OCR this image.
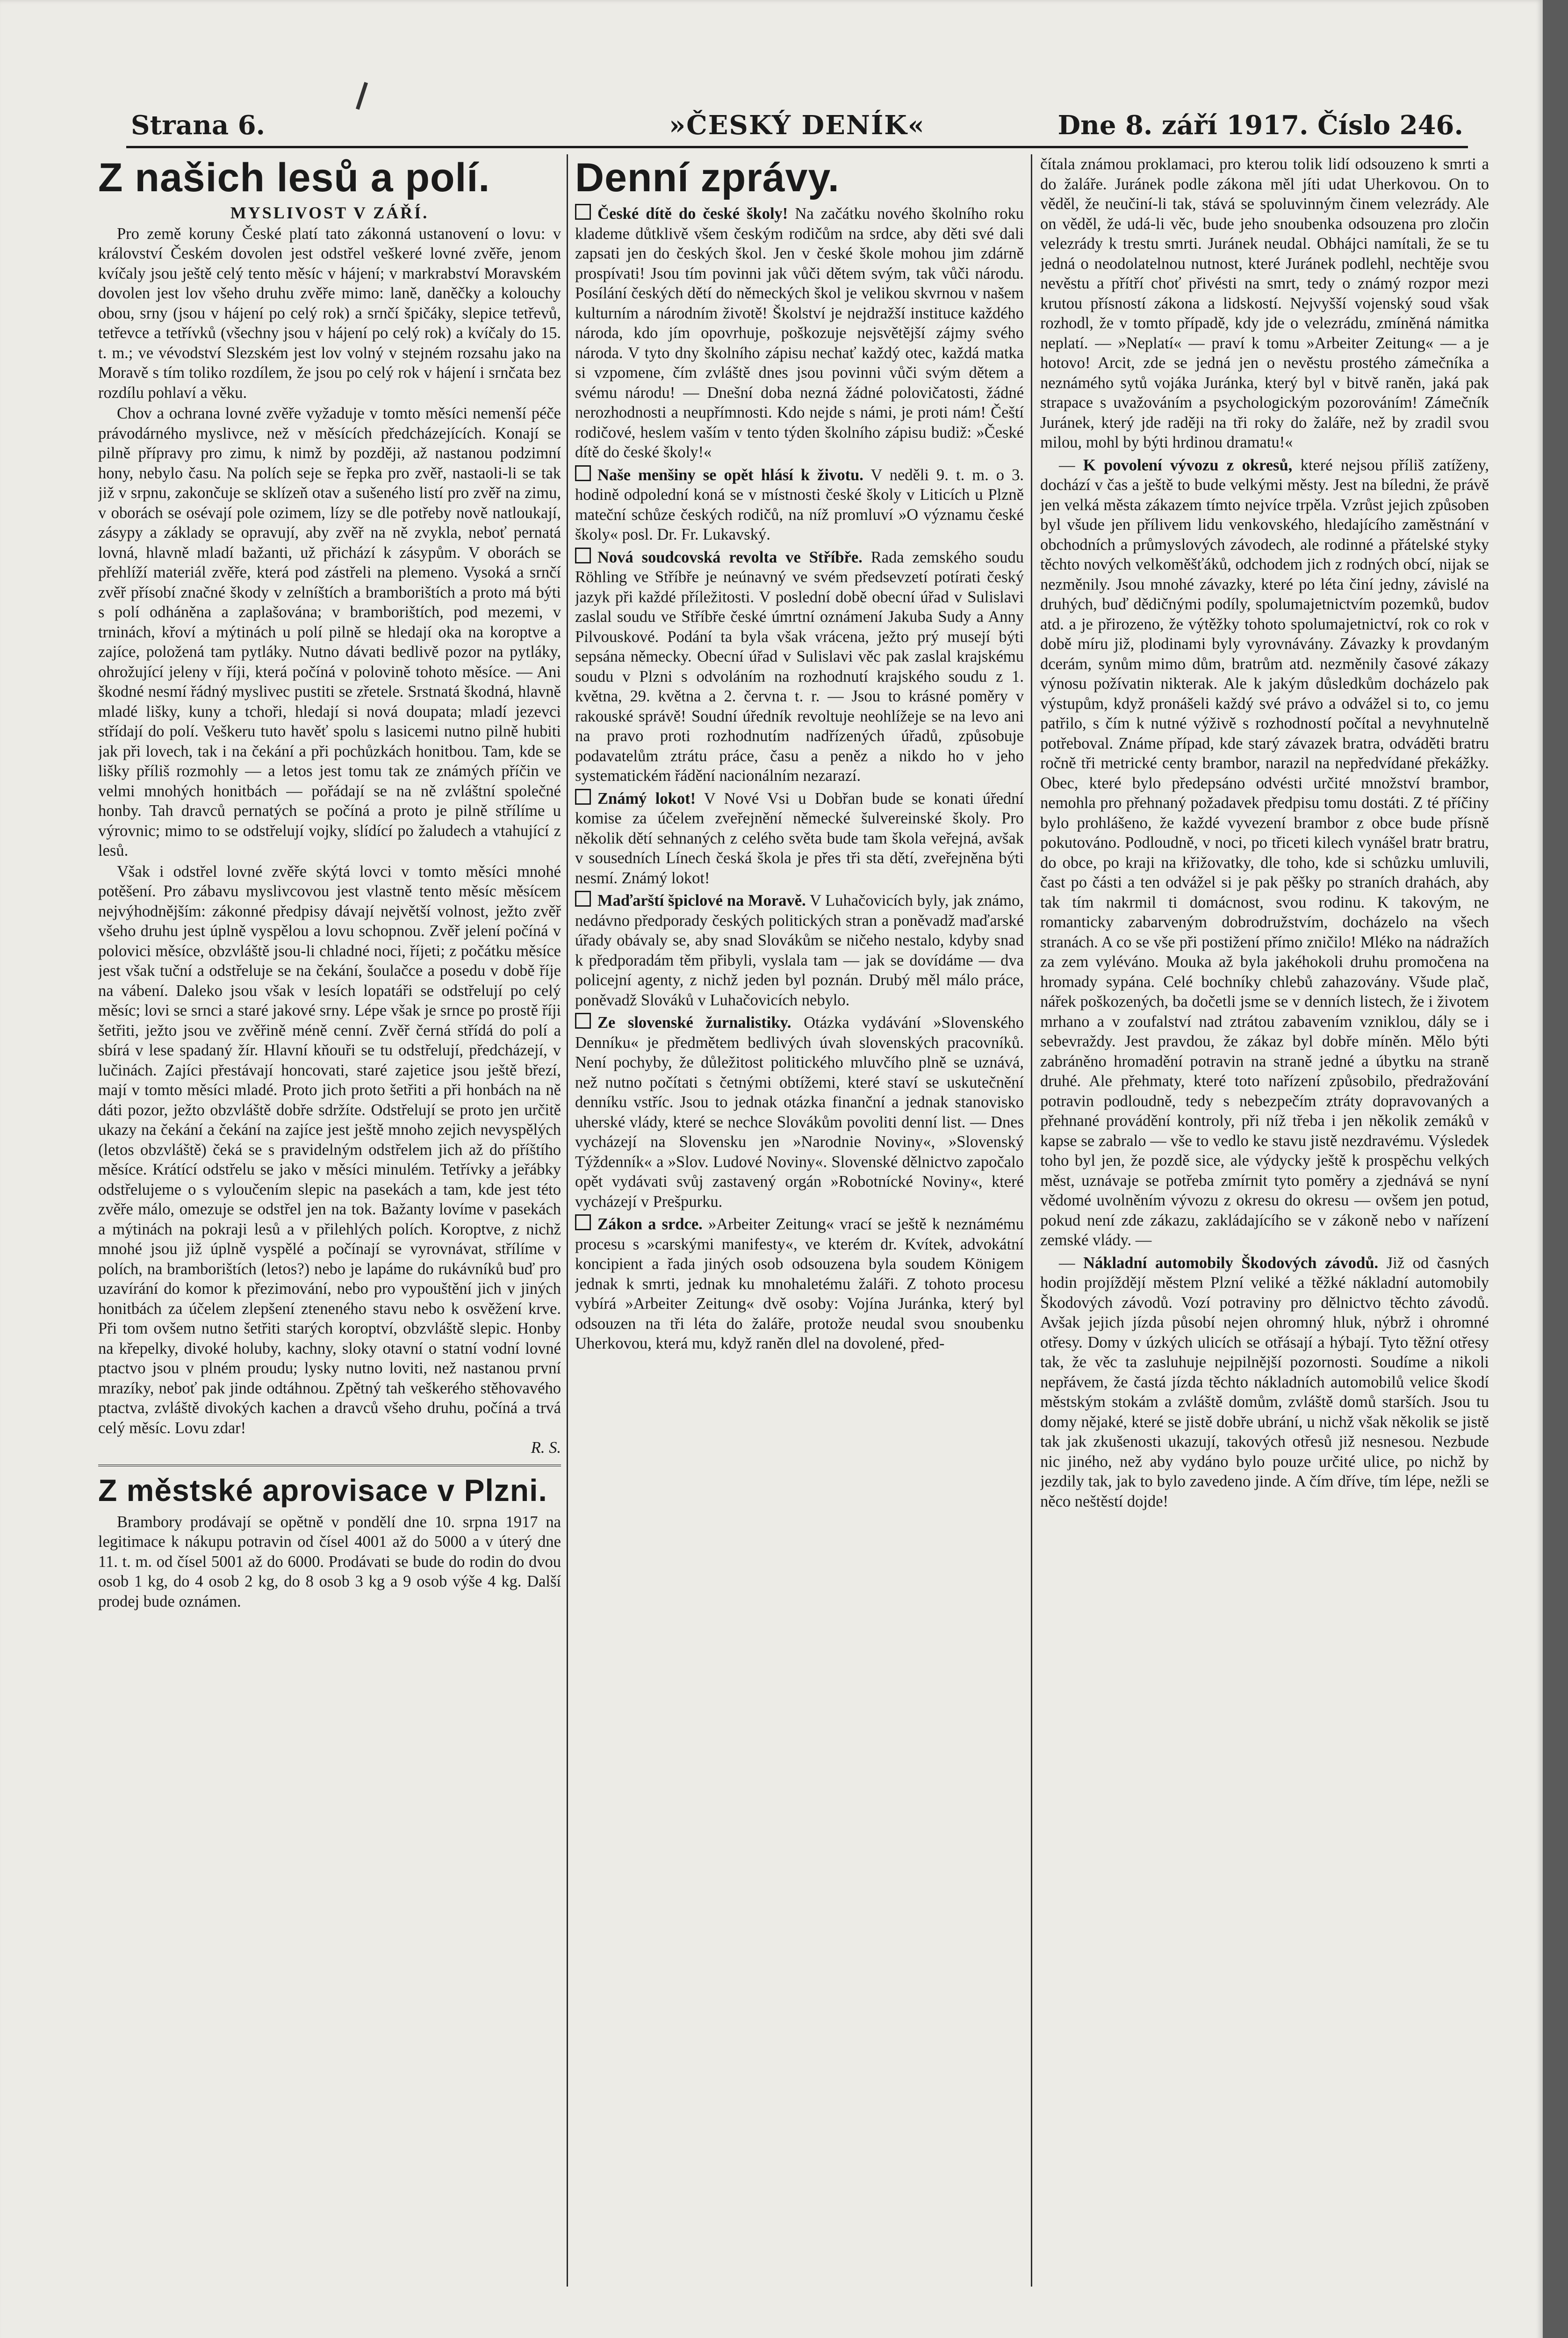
Strana 6.	»ČESKÝ DENÍK«	Dne 8. září 1917. Číslo 246.
Z našich lesů a polí.
MYSLIVOST V ZÁŘÍ.

Pro země koruny České platí tato zákonná ustanovení o lovu: v království Českém dovolen jest odstřel veškeré lovné zvěře, jenom kvíčaly jsou ještě celý tento měsíc v hájení; v markrabství Moravském dovolen jest lov všeho druhu zvěře mimo: laně, daněčky a kolouchy obou, srny (jsou v hájení po celý rok) a srnčí špičáky, slepice tetřevů, tetřevce a tetřívků (všechny jsou v hájení po celý rok) a kvíčaly do 15. t. m.; ve vévodství Slezském jest lov volný v stejném rozsahu jako na Moravě s tím toliko rozdílem, že jsou po celý rok v hájení i srnčata bez rozdílu pohlaví a věku.

Chov a ochrana lovné zvěře vyžaduje v tomto měsíci nemenší péče právodárného myslivce, než v měsících předcházejících. Konají se pilně přípravy pro zimu, k nimž by později, až nastanou podzimní hony, nebylo času. Na polích seje se řepka pro zvěř, nastaoli-li se tak již v srpnu, zakončuje se sklízeň otav a sušeného listí pro zvěř na zimu, v oborách se osévají pole ozimem, lízy se dle potřeby nově natloukají, zásypy a základy se opravují, aby zvěř na ně zvykla, neboť pernatá lovná, hlavně mladí bažanti, už přichází k zásypům. V oborách se přehlíží materiál zvěře, která pod zástřeli na plemeno. Vysoká a srnčí zvěř přísobí značné škody v zelníštích a bramborištích a proto má býti s polí odháněna a zaplašována; v bramborištích, pod mezemi, v trninách, křoví a mýtinách u polí pilně se hledají oka na koroptve a zajíce, položená tam pytláky. Nutno dávati bedlivě pozor na pytláky, ohrožující jeleny v říji, která počíná v polovině tohoto měsíce. — Ani škodné nesmí řádný myslivec pustiti se zřetele. Srstnatá škodná, hlavně mladé lišky, kuny a tchoři, hledají si nová doupata; mladí jezevci střídají do polí. Veškeru tuto havěť spolu s lasicemi nutno pilně hubiti jak při lovech, tak i na čekání a při pochůzkách honitbou. Tam, kde se lišky příliš rozmohly — a letos jest tomu tak ze známých příčin ve velmi mnohých honitbách — pořádají se na ně zvláštní společné honby. Tah dravců pernatých se počíná a proto je pilně střílíme u výrovnic; mimo to se odstřelují vojky, slídící po žaludech a vtahující z lesů.

Však i odstřel lovné zvěře skýtá lovci v tomto měsíci mnohé potěšení. Pro zábavu myslivcovou jest vlastně tento měsíc měsícem nejvýhodnějším: zákonné předpisy dávají největší volnost, ježto zvěř všeho druhu jest úplně vyspělou a lovu schopnou. Zvěř jelení počíná v polovici měsíce, obzvláště jsou-li chladné noci, říjeti; z počátku měsíce jest však tuční a odstřeluje se na čekání, šoulačce a posedu v době říje na vábení. Daleko jsou však v lesích lopatáři se odstřelují po celý měsíc; lovi se srnci a staré jakové srny. Lépe však je srnce po prostě říji šetřiti, ježto jsou ve zvěřině méně cenní. Zvěř černá střídá do polí a sbírá v lese spadaný žír. Hlavní kňouři se tu odstřelují, předcházejí, v lučinách. Zajíci přestávají honcovati, staré zajetice jsou ještě březí, mají v tomto měsíci mladé. Proto jich proto šetřiti a při honbách na ně dáti pozor, ježto obzvláště dobře sdržíte. Odstřelují se proto jen určitě ukazy na čekání a čekání na zajíce jest ještě mnoho zejich nevyspělých (letos obzvláště) čeká se s pravidelným odstřelem jich až do příštího měsíce. Krátící odstřelu se jako v měsíci minulém. Tetřívky a jeřábky odstřelujeme o s vyloučením slepic na pasekách a tam, kde jest této zvěře málo, omezuje se odstřel jen na tok. Bažanty lovíme v pasekách a mýtinách na pokraji lesů a v přilehlých polích. Koroptve, z nichž mnohé jsou již úplně vyspělé a počínají se vyrovnávat, střílíme v polích, na bramborištích (letos?) nebo je lapáme do rukávníků buď pro uzavírání do komor k přezimování, nebo pro vypouštění jich v jiných honitbách za účelem zlepšení zteneného stavu nebo k osvěžení krve. Při tom ovšem nutno šetřiti starých koroptví, obzvláště slepic. Honby na křepelky, divoké holuby, kachny, sloky otavní o statní vodní lovné ptactvo jsou v plném proudu; lysky nutno loviti, než nastanou první mrazíky, neboť pak jinde odtáhnou. Zpětný tah veškerého stěhovavého ptactva, zvláště divokých kachen a dravců všeho druhu, počíná a trvá celý měsíc. Lovu zdar!

R. S.
Z městské aprovisace v Plzni.

Brambory prodávají se opětně v pondělí dne 10. srpna 1917 na legitimace k nákupu potravin od čísel 4001 až do 5000 a v úterý dne 11. t. m. od čísel 5001 až do 6000. Prodávati se bude do rodin do dvou osob 1 kg, do 4 osob 2 kg, do 8 osob 3 kg a 9 osob výše 4 kg. Další prodej bude oznámen.

Denní zprávy.

České dítě do české školy! Na začátku nového školního roku klademe důtklivě všem českým rodičům na srdce, aby děti své dali zapsati jen do českých škol. Jen v české škole mohou jim zdárně prospívati! Jsou tím povinni jak vůči dětem svým, tak vůči národu. Posílání českých dětí do německých škol je velikou skvrnou v našem kulturním a národním životě! Školství je nejdražší instituce každého národa, kdo jím opovrhuje, poškozuje nejsvětější zájmy svého národa. V tyto dny školního zápisu nechať každý otec, každá matka si vzpomene, čím zvláště dnes jsou povinni vůči svým dětem a svému národu! — Dnešní doba nezná žádné polovičatosti, žádné nerozhodnosti a neupřímnosti. Kdo nejde s námi, je proti nám! Čeští rodičové, heslem vaším v tento týden školního zápisu budiž: »České dítě do české školy!«

Naše menšiny se opět hlásí k životu. V neděli 9. t. m. o 3. hodině odpolední koná se v místnosti české školy v Liticích u Plzně mateční schůze českých rodičů, na níž promluví »O významu české školy« posl. Dr. Fr. Lukavský.

Nová soudcovská revolta ve Stříbře. Rada zemského soudu Röhling ve Stříbře je neúnavný ve svém předsevzetí potírati český jazyk při každé příležitosti. V poslední době obecní úřad v Sulislavi zaslal soudu ve Stříbře české úmrtní oznámení Jakuba Sudy a Anny Pilvouskové. Podání ta byla však vrácena, ježto prý musejí býti sepsána německy. Obecní úřad v Sulislavi věc pak zaslal krajskému soudu v Plzni s odvoláním na rozhodnutí krajského soudu z 1. května, 29. května a 2. června t. r. — Jsou to krásné poměry v rakouské správě! Soudní úředník revoltuje neohlížeje se na levo ani na pravo proti rozhodnutím nadřízených úřadů, způsobuje podavatelům ztrátu práce, času a peněz a nikdo ho v jeho systematickém řádění nacionálním nezarazí.

Známý lokot! V Nové Vsi u Dobřan bude se konati úřední komise za účelem zveřejnění německé šulvereinské školy. Pro několik dětí sehnaných z celého světa bude tam škola veřejná, avšak v sousedních Línech česká škola je přes tři sta dětí, zveřejněna býti nesmí. Známý lokot!

Maďarští špiclové na Moravě. V Luhačovicích byly, jak známo, nedávno předporady českých politických stran a poněvadž maďarské úřady obávaly se, aby snad Slovákům se ničeho nestalo, kdyby snad k předporadám těm přibyli, vyslala tam — jak se dovídáme — dva policejní agenty, z nichž jeden byl poznán. Drubý měl málo práce, poněvadž Slováků v Luhačovicích nebylo.

Ze slovenské žurnalistiky. Otázka vydávání »Slovenského Denníku« je předmětem bedlivých úvah slovenských pracovníků. Není pochyby, že důležitost politického mluvčího plně se uznává, než nutno počítati s četnými obtížemi, které staví se uskutečnění denníku vstříc. Jsou to jednak otázka finanční a jednak stanovisko uherské vlády, které se nechce Slovákům povoliti denní list. — Dnes vycházejí na Slovensku jen »Narodnie Noviny«, »Slovenský Týždenník« a »Slov. Ludové Noviny«. Slovenské dělnictvo započalo opět vydávati svůj zastavený orgán »Robotnícké Noviny«, které vycházejí v Prešpurku.

Zákon a srdce. »Arbeiter Zeitung« vrací se ještě k neznámému procesu s »carskými manifesty«, ve kterém dr. Kvítek, advokátní koncipient a řada jiných osob odsouzena byla soudem Königem jednak k smrti, jednak ku mnohaletému žaláři. Z tohoto procesu vybírá »Arbeiter Zeitung« dvě osoby: Vojína Juránka, který byl odsouzen na tři léta do žaláře, protože neudal svou snoubenku Uherkovou, která mu, když raněn dlel na dovolené, před-

čítala známou proklamaci, pro kterou tolik lidí odsouzeno k smrti a do žaláře. Juránek podle zákona měl jíti udat Uherkovou. On to věděl, že neučiní-li tak, stává se spoluvinným činem velezrády. Ale on věděl, že udá-li věc, bude jeho snoubenka odsouzena pro zločin velezrády k trestu smrti. Juránek neudal. Obhájci namítali, že se tu jedná o neodolatelnou nutnost, které Juránek podlehl, nechtěje svou nevěstu a přítří choť přivésti na smrt, tedy o známý rozpor mezi krutou přísností zákona a lidskostí. Nejvyšší vojenský soud však rozhodl, že v tomto případě, kdy jde o velezrádu, zmíněná námitka neplatí. — »Neplatí« — praví k tomu »Arbeiter Zeitung« — a je hotovo! Arcit, zde se jedná jen o nevěstu prostého zámečníka a neznámého sytů vojáka Juránka, který byl v bitvě raněn, jaká pak strapace s uvažováním a psychologickým pozorováním! Zámečník Juránek, který jde raději na tři roky do žaláře, než by zradil svou milou, mohl by býti hrdinou dramatu!«

— K povolení vývozu z okresů, které nejsou příliš zatíženy, dochází v čas a ještě to bude velkými městy. Jest na bíledni, že právě jen velká města zákazem tímto nejvíce trpěla. Vzrůst jejich způsoben byl všude jen přílivem lidu venkovského, hledajícího zaměstnání v obchodních a průmyslových závodech, ale rodinné a přátelské styky těchto nových velkoměšťáků, odchodem jich z rodných obcí, nijak se nezměnily. Jsou mnohé závazky, které po léta činí jedny, závislé na druhých, buď dědičnými podíly, spolumajetnictvím pozemků, budov atd. a je přirozeno, že výtěžky tohoto spolumajetnictví, rok co rok v době míru již, plodinami byly vyrovnávány. Závazky k provdaným dcerám, synům mimo dům, bratrům atd. nezměnily časové zákazy výnosu požívatin nikterak. Ale k jakým důsledkům docházelo pak výstupům, když pronášeli každý své právo a odvážel si to, co jemu patřilo, s čím k nutné výživě s rozhodností počítal a nevyhnutelně potřeboval. Známe případ, kde starý závazek bratra, odváděti bratru ročně tři metrické centy brambor, narazil na nepředvídané překážky. Obec, které bylo předepsáno odvésti určité množství brambor, nemohla pro přehnaný požadavek předpisu tomu dostáti. Z té příčiny bylo prohlášeno, že každé vyvezení brambor z obce bude přísně pokutováno. Podloudně, v noci, po třiceti kilech vynášel bratr bratru, do obce, po kraji na křižovatky, dle toho, kde si schůzku umluvili, čast po části a ten odvážel si je pak pěšky po straních drahách, aby tak tím nakrmil ti domácnost, svou rodinu. K takovým, ne romanticky zabarveným dobrodružstvím, docházelo na všech stranách. A co se vše při postižení přímo zničilo! Mléko na nádražích za zem vyléváno. Mouka až byla jakéhokoli druhu promočena na hromady sypána. Celé bochníky chlebů zahazovány. Všude plač, nářek poškozených, ba dočetli jsme se v denních listech, že i životem mrhano a v zoufalství nad ztrátou zabavením vzniklou, dály se i sebevraždy. Jest pravdou, že zákaz byl dobře míněn. Mělo býti zabráněno hromadění potravin na straně jedné a úbytku na straně druhé. Ale přehmaty, které toto nařízení způsobilo, předražování potravin podloudně, tedy s nebezpečím ztráty dopravovaných a přehnané provádění kontroly, při níž třeba i jen několik zemáků v kapse se zabralo — vše to vedlo ke stavu jistě nezdravému. Výsledek toho byl jen, že pozdě sice, ale výdycky ještě k prospěchu velkých měst, uznávaje se potřeba zmírnit tyto poměry a zjednává se nyní vědomé uvolněním vývozu z okresu do okresu — ovšem jen potud, pokud není zde zákazu, zakládajícího se v zákoně nebo v nařízení zemské vlády. —

— Nákladní automobily Škodových závodů. Již od časných hodin projíždějí městem Plzní veliké a těžké nákladní automobily Škodových závodů. Vozí potraviny pro dělnictvo těchto závodů. Avšak jejich jízda působí nejen ohromný hluk, nýbrž i ohromné otřesy. Domy v úzkých ulicích se otřásají a hýbají. Tyto těžní otřesy tak, že věc ta zasluhuje nejpilnější pozornosti. Soudíme a nikoli nepřávem, že častá jízda těchto nákladních automobilů velice škodí městským stokám a zvláště domům, zvláště domů starších. Jsou tu domy nějaké, které se jistě dobře ubrání, u nichž však několik se jistě tak jak zkušenosti ukazují, takových otřesů již nesnesou. Nezbude nic jiného, než aby vydáno bylo pouze určité ulice, po nichž by jezdily tak, jak to bylo zavedeno jinde. A čím dříve, tím lépe, nežli se něco neštěstí dojde!
